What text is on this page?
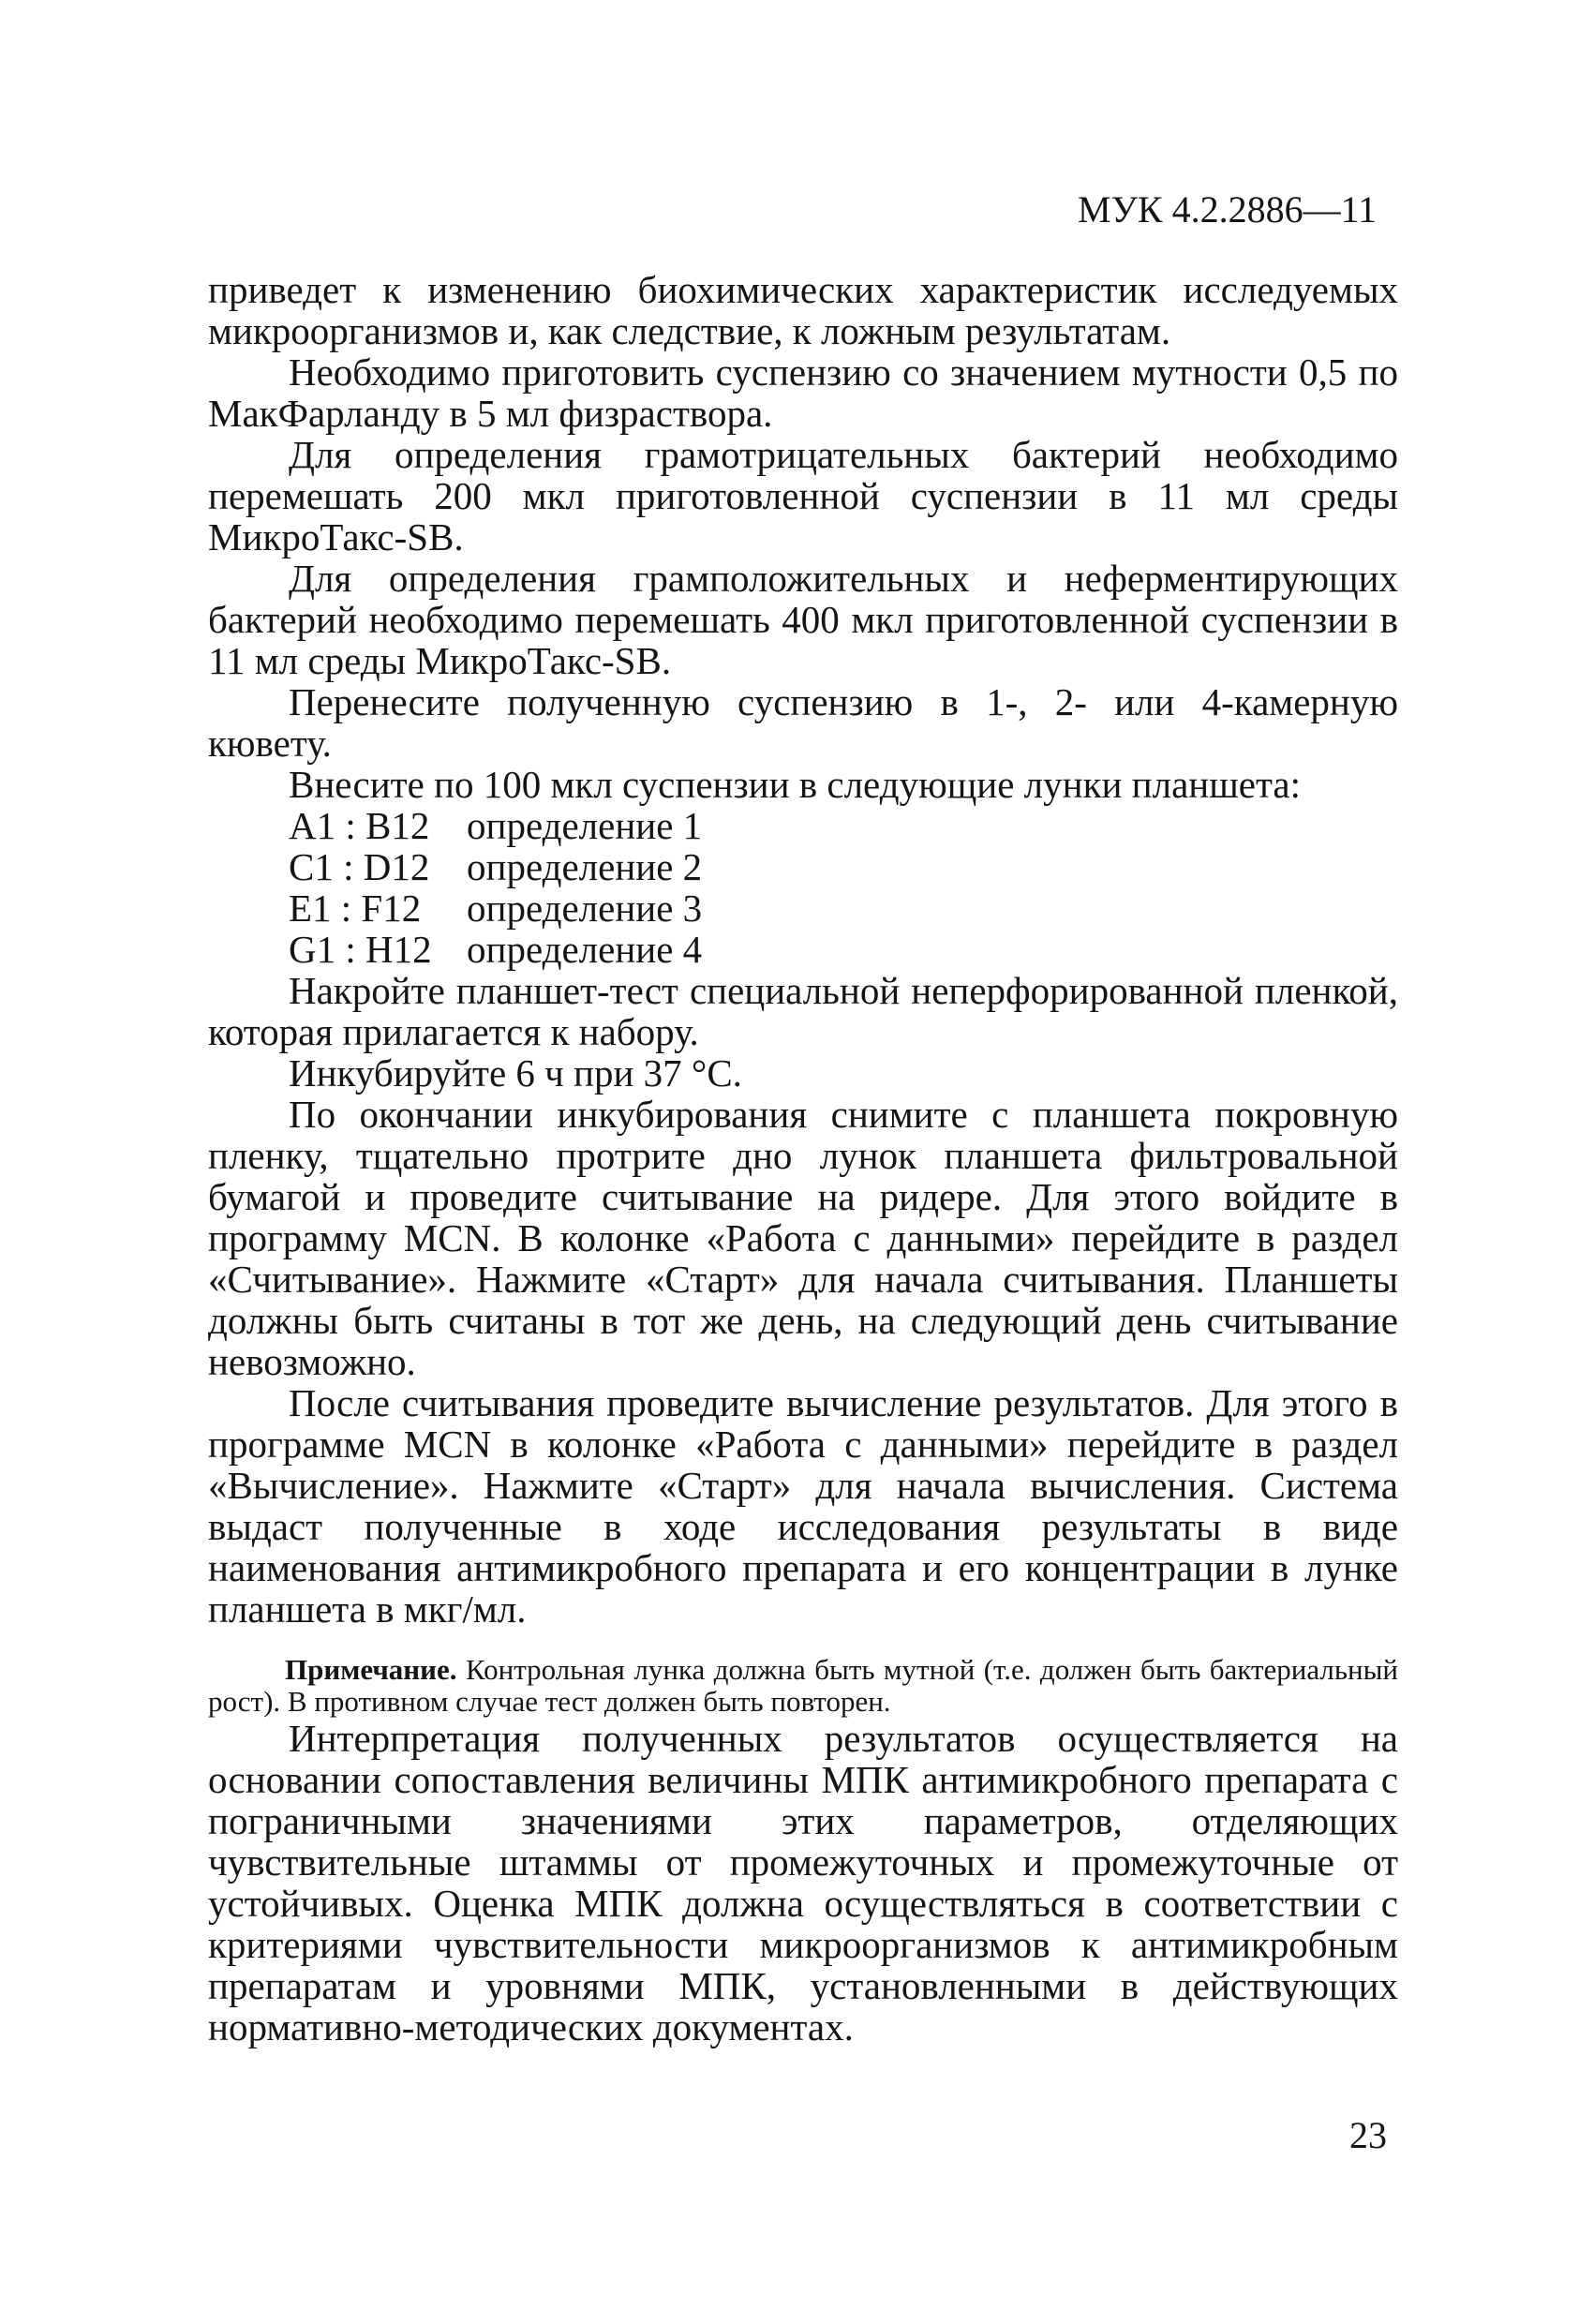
МУК 4.2.2886—11

приведет к изменению биохимических характеристик исследуемых микроорганизмов и, как следствие, к ложным результатам.

Необходимо приготовить суспензию со значением мутности 0,5 по МакФарланду в 5 мл физраствора.

Для определения грамотрицательных бактерий необходимо перемешать 200 мкл приготовленной суспензии в 11 мл среды МикроТакс-SB.

Для определения грамположительных и неферментирующих бактерий необходимо перемешать 400 мкл приготовленной суспензии в 11 мл среды МикроТакс-SB.

Перенесите полученную суспензию в 1-, 2- или 4-камерную кювету.

Внесите по 100 мкл суспензии в следующие лунки планшета:

A1 : B12 определение 1
C1 : D12 определение 2
E1 : F12	определение 3
G1 : H12 определение 4

Накройте планшет-тест специальной неперфорированной пленкой, которая прилагается к набору.

Инкубируйте 6 ч при 37 °С.

По окончании инкубирования снимите с планшета покровную пленку, тщательно протрите дно лунок планшета фильтровальной бумагой и проведите считывание на ридере. Для этого войдите в программу MCN. В колонке «Работа с данными» перейдите в раздел «Считывание». Нажмите «Старт» для начала считывания. Планшеты должны быть считаны в тот же день, на следующий день считывание невозможно.

После считывания проведите вычисление результатов. Для этого в программе MCN в колонке «Работа с данными» перейдите в раздел «Вычисление». Нажмите «Старт» для начала вычисления. Система выдаст полученные в ходе исследования результаты в виде наименования антимикробного препарата и его концентрации в лунке планшета в мкг/мл.

Примечание. Контрольная лунка должна быть мутной (т.е. должен быть бактериальный рост). В противном случае тест должен быть повторен.

Интерпретация полученных результатов осуществляется на основании сопоставления величины МПК антимикробного препарата с пограничными значениями этих параметров, отделяющих чувствительные штаммы от промежуточных и промежуточные от устойчивых. Оценка МПК должна осуществляться в соответствии с критериями чувствительности микроорганизмов к антимикробным препаратам и уровнями МПК, установленными в действующих нормативно-методических документах.

23
